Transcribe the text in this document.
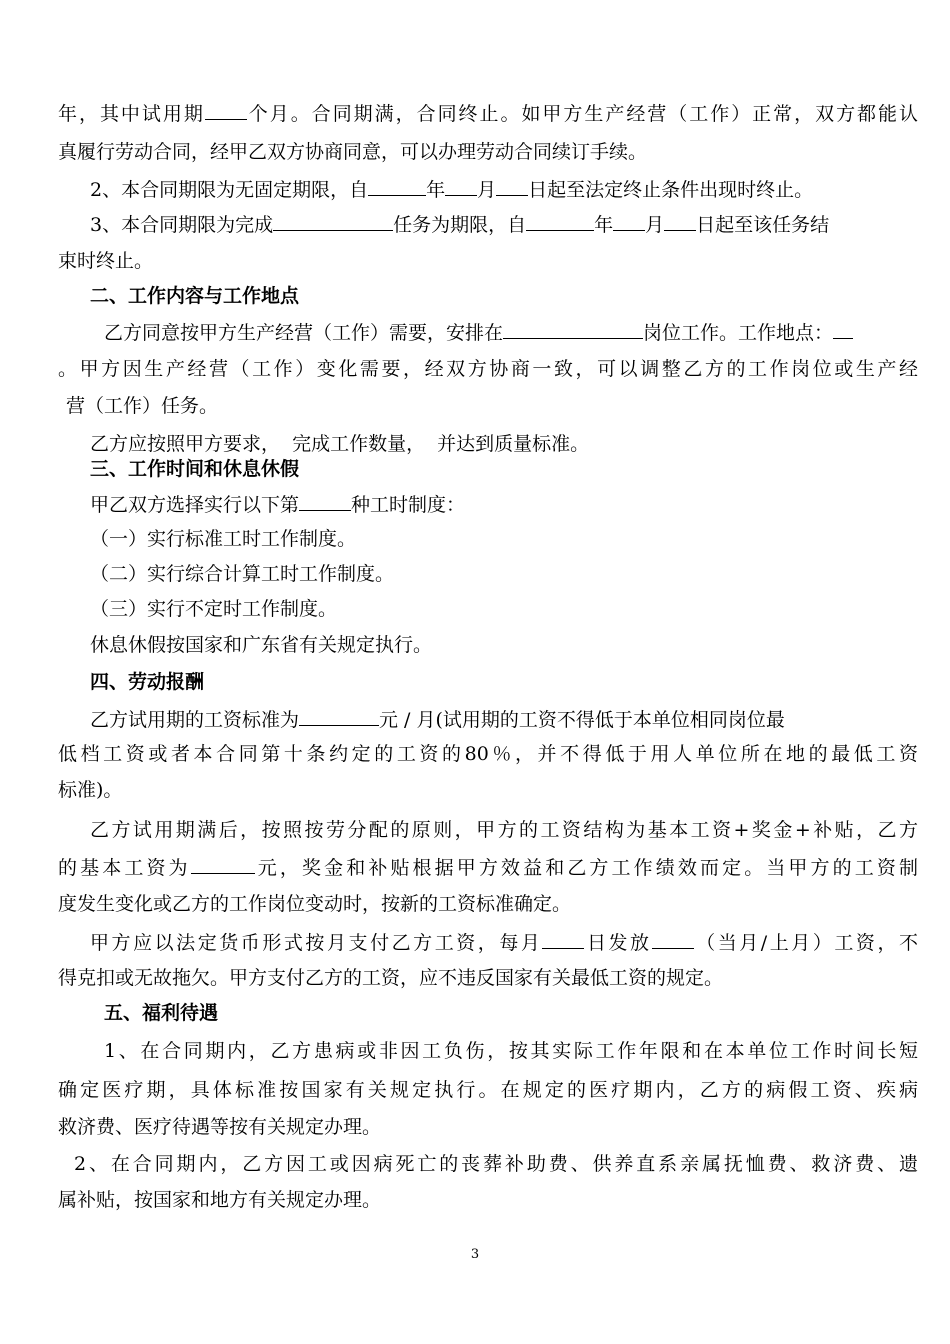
年，其中试用期 个月。合同期满，合同终止。如甲方生产经营（工作）正常，双方都能认
真履行劳动合同，经甲乙双方协商同意，可以办理劳动合同续订手续。
2、本合同期限为无固定期限，自	年 月 日起至法定终止条件出现时终止。
3、本合同期限为完成	任务为期限，自	年 月 日起至该任务结
束时终止。
二、工作内容与工作地点
乙方同意按甲方生产经营（工作）需要，安排在	岗位工作。工作地点：
。甲方因生产经营（工作）变化需要，经双方协商一致，可以调整乙方的工作岗位或生产经
营（工作）任务。
乙方应按照甲方要求，  完成工作数量，  并达到质量标准。
三、工作时间和休息休假
甲乙双方选择实行以下第	种工时制度：
（一）实行标准工时工作制度。
（二）实行综合计算工时工作制度。
（三）实行不定时工作制度。
休息休假按国家和广东省有关规定执行。
四、劳动报酬
乙方试用期的工资标准为	元 / 月(试用期的工资不得低于本单位相同岗位最
低档工资或者本合同第十条约定的工资的80％，并不得低于用人单位所在地的最低工资
标准)。
乙方试用期满后，按照按劳分配的原则，甲方的工资结构为基本工资+奖金+补贴，乙方
的基本工资为	元，奖金和补贴根据甲方效益和乙方工作绩效而定。当甲方的工资制
度发生变化或乙方的工作岗位变动时，按新的工资标准确定。
甲方应以法定货币形式按月支付乙方工资，每月 日发放 （当月/上月）工资，不
得克扣或无故拖欠。甲方支付乙方的工资，应不违反国家有关最低工资的规定。
五、福利待遇
1、在合同期内，乙方患病或非因工负伤，按其实际工作年限和在本单位工作时间长短
确定医疗期，具体标准按国家有关规定执行。在规定的医疗期内，乙方的病假工资、疾病
救济费、医疗待遇等按有关规定办理。
2、在合同期内，乙方因工或因病死亡的丧葬补助费、供养直系亲属抚恤费、救济费、遗
属补贴，按国家和地方有关规定办理。
3
